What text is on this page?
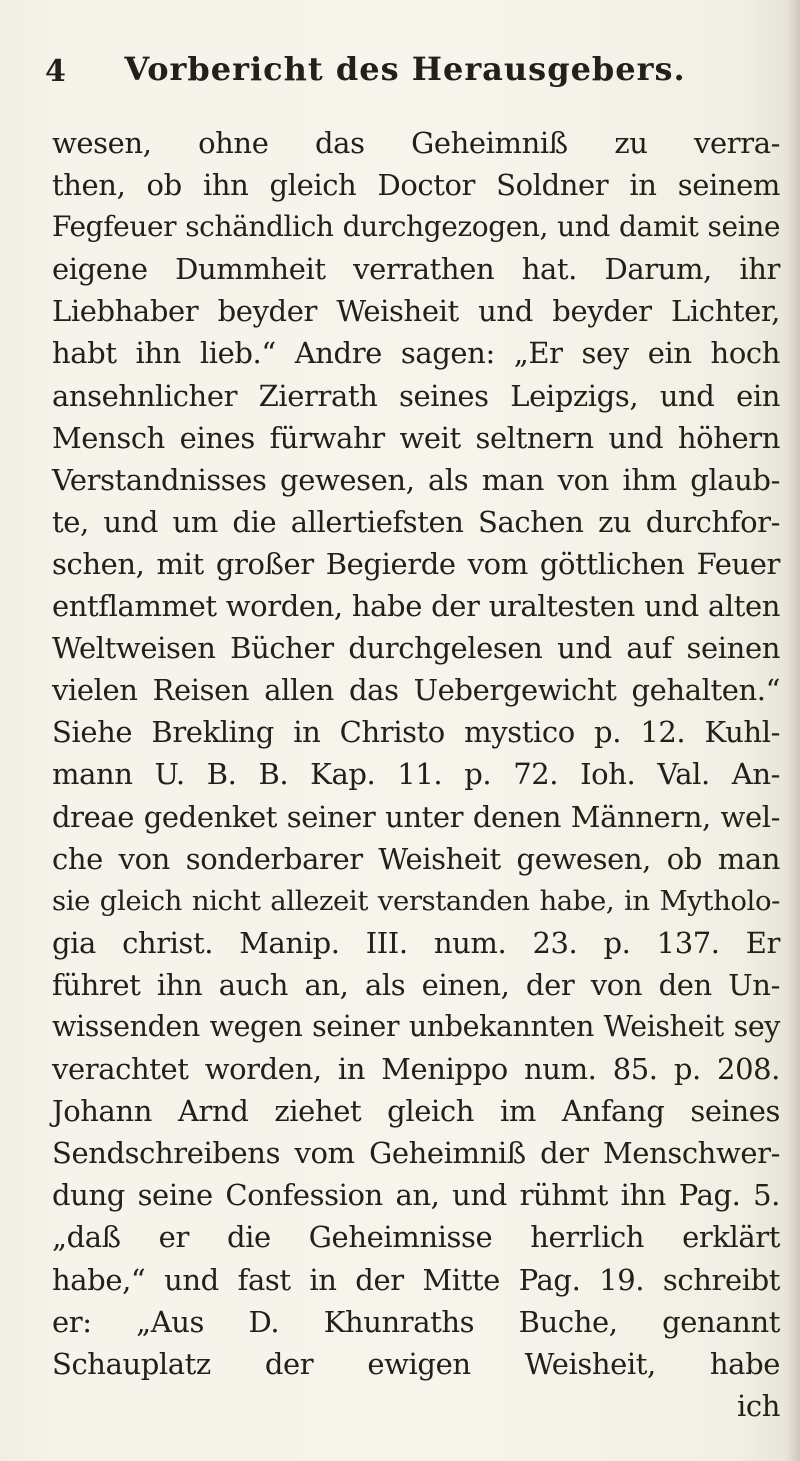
4	Vorbericht des Herausgebers.
wesen, ohne das Geheimniß zu verra-
then, ob ihn gleich Doctor Soldner in seinem
Fegfeuer schändlich durchgezogen, und damit seine
eigene Dummheit verrathen hat. Darum, ihr
Liebhaber beyder Weisheit und beyder Lichter,
habt ihn lieb.“ Andre sagen: „Er sey ein hoch
ansehnlicher Zierrath seines Leipzigs, und ein
Mensch eines fürwahr weit seltnern und höhern
Verstandnisses gewesen, als man von ihm glaub-
te, und um die allertiefsten Sachen zu durchfor-
schen, mit großer Begierde vom göttlichen Feuer
entflammet worden, habe der uraltesten und alten
Weltweisen Bücher durchgelesen und auf seinen
vielen Reisen allen das Uebergewicht gehalten.“
Siehe Brekling in Christo mystico p. 12. Kuhl-
mann U. B. B. Kap. 11. p. 72. Ioh. Val. An-
dreae gedenket seiner unter denen Männern, wel-
che von sonderbarer Weisheit gewesen, ob man
sie gleich nicht allezeit verstanden habe, in Mytholo-
gia christ. Manip. III. num. 23. p. 137. Er
führet ihn auch an, als einen, der von den Un-
wissenden wegen seiner unbekannten Weisheit sey
verachtet worden, in Menippo num. 85. p. 208.
Johann Arnd ziehet gleich im Anfang seines
Sendschreibens vom Geheimniß der Menschwer-
dung seine Confession an, und rühmt ihn Pag. 5.
„daß er die Geheimnisse herrlich erklärt
habe,“ und fast in der Mitte Pag. 19. schreibt
er: „Aus D. Khunraths Buche, genannt
Schauplatz der ewigen Weisheit, habe
ich
